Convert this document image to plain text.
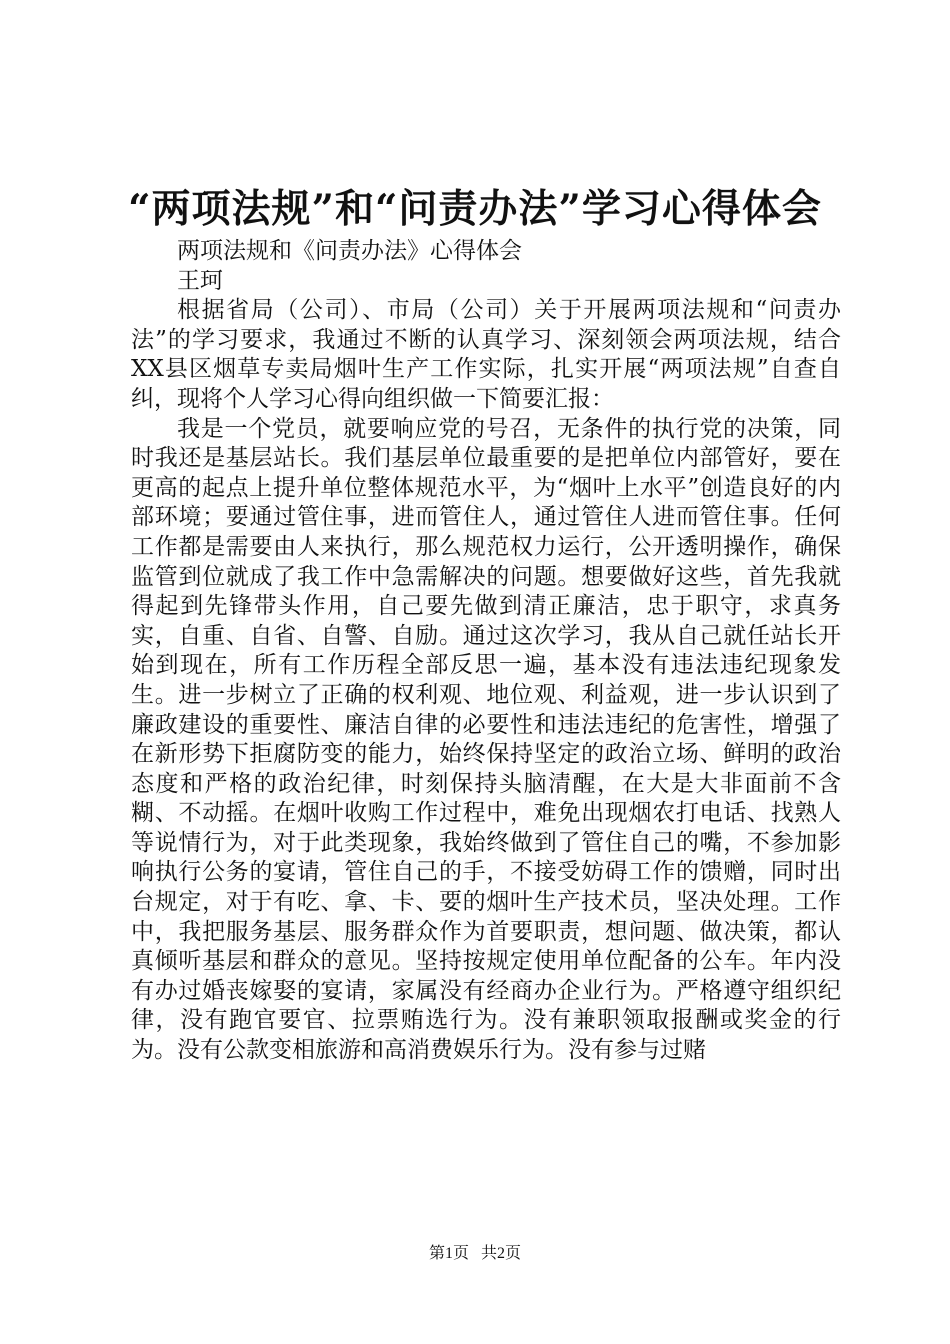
“两项法规”和“问责办法”学习心得体会

两项法规和《问责办法》心得体会

王珂

根据省局（公司）、市局（公司）关于开展两项法规和“问责办法”的学习要求，我通过不断的认真学习、深刻领会两项法规，结合XX县区烟草专卖局烟叶生产工作实际，扎实开展“两项法规”自查自纠，现将个人学习心得向组织做一下简要汇报：

我是一个党员，就要响应党的号召，无条件的执行党的决策，同时我还是基层站长。我们基层单位最重要的是把单位内部管好，要在更高的起点上提升单位整体规范水平，为“烟叶上水平”创造良好的内部环境；要通过管住事，进而管住人，通过管住人进而管住事。任何工作都是需要由人来执行，那么规范权力运行，公开透明操作，确保监管到位就成了我工作中急需解决的问题。想要做好这些，首先我就得起到先锋带头作用，自己要先做到清正廉洁，忠于职守，求真务实，自重、自省、自警、自励。通过这次学习，我从自己就任站长开始到现在，所有工作历程全部反思一遍，基本没有违法违纪现象发生。进一步树立了正确的权利观、地位观、利益观，进一步认识到了廉政建设的重要性、廉洁自律的必要性和违法违纪的危害性，增强了在新形势下拒腐防变的能力，始终保持坚定的政治立场、鲜明的政治态度和严格的政治纪律，时刻保持头脑清醒，在大是大非面前不含糊、不动摇。在烟叶收购工作过程中，难免出现烟农打电话、找熟人等说情行为，对于此类现象，我始终做到了管住自己的嘴，不参加影响执行公务的宴请，管住自己的手，不接受妨碍工作的馈赠，同时出台规定，对于有吃、拿、卡、要的烟叶生产技术员，坚决处理。工作中，我把服务基层、服务群众作为首要职责，想问题、做决策，都认真倾听基层和群众的意见。坚持按规定使用单位配备的公车。年内没有办过婚丧嫁娶的宴请，家属没有经商办企业行为。严格遵守组织纪律，没有跑官要官、拉票贿选行为。没有兼职领取报酬或奖金的行为。没有公款变相旅游和高消费娱乐行为。没有参与过赌

第1页 共2页
